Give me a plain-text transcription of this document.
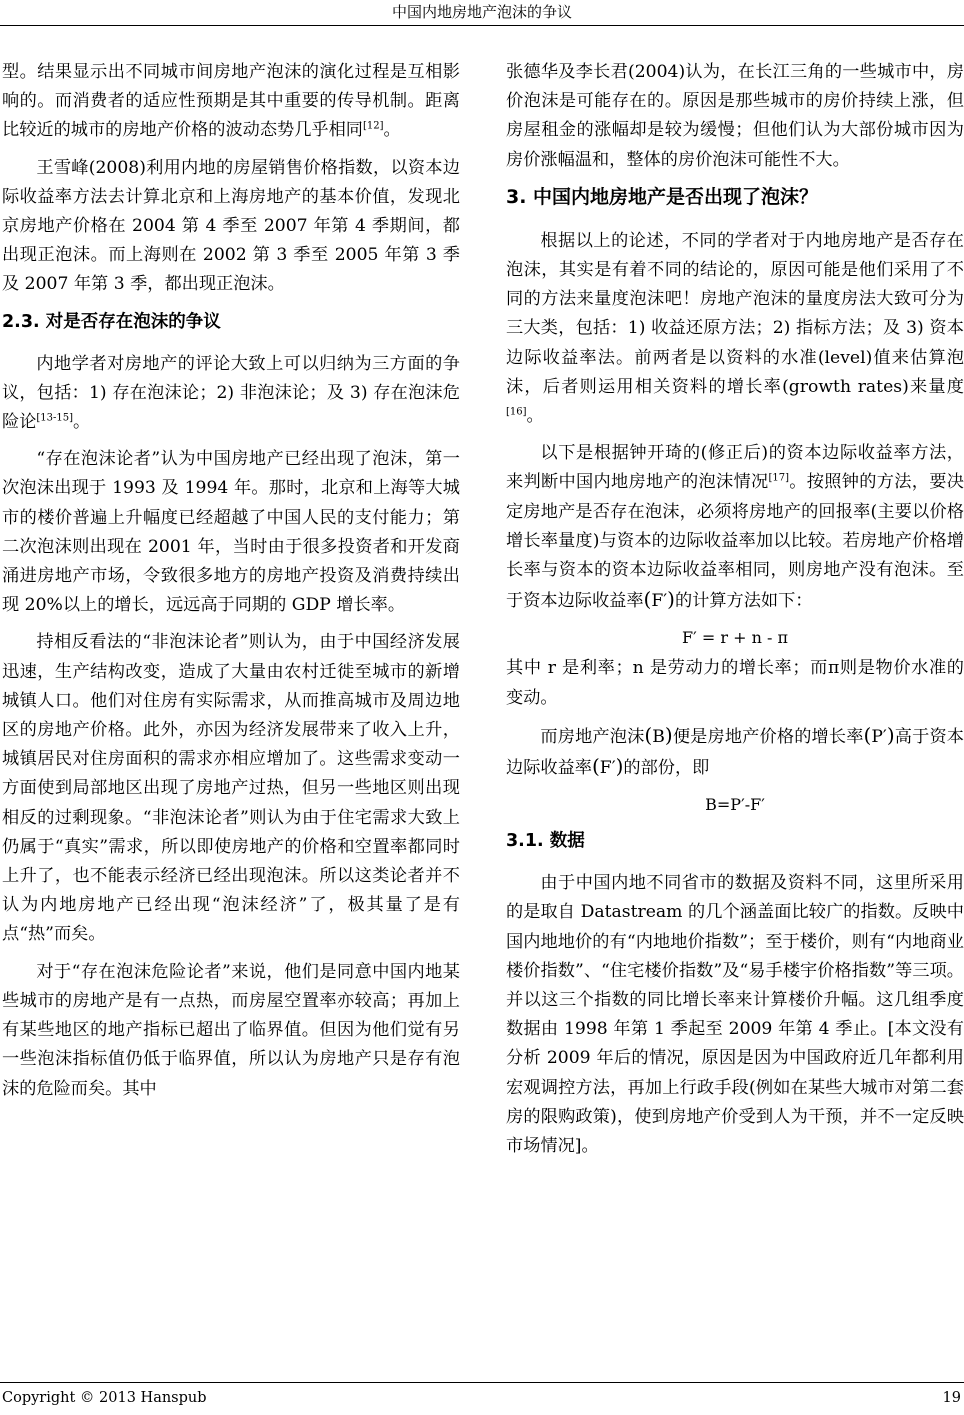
中国内地房地产泡沫的争议

型。结果显示出不同城市间房地产泡沫的演化过程是互相影响的。而消费者的适应性预期是其中重要的传导机制。距离比较近的城市的房地产价格的波动态势几乎相同[12]。

王雪峰(2008)利用内地的房屋销售价格指数，以资本边际收益率方法去计算北京和上海房地产的基本价值，发现北京房地产价格在 2004 第 4 季至 2007 年第 4 季期间，都出现正泡沫。而上海则在 2002 第 3 季至 2005 年第 3 季及 2007 年第 3 季，都出现正泡沫。

2.3. 对是否存在泡沫的争议

内地学者对房地产的评论大致上可以归纳为三方面的争议，包括：1) 存在泡沫论；2) 非泡沫论；及 3) 存在泡沫危险论[13-15]。

“存在泡沫论者”认为中国房地产已经出现了泡沫，第一次泡沫出现于 1993 及 1994 年。那时，北京和上海等大城市的楼价普遍上升幅度已经超越了中国人民的支付能力；第二次泡沫则出现在 2001 年，当时由于很多投资者和开发商涌进房地产市场，令致很多地方的房地产投资及消费持续出现 20%以上的增长，远远高于同期的 GDP 增长率。

持相反看法的“非泡沫论者”则认为，由于中国经济发展迅速，生产结构改变，造成了大量由农村迁徙至城市的新增城镇人口。他们对住房有实际需求，从而推高城市及周边地区的房地产价格。此外，亦因为经济发展带来了收入上升，城镇居民对住房面积的需求亦相应增加了。这些需求变动一方面使到局部地区出现了房地产过热，但另一些地区则出现相反的过剩现象。“非泡沫论者”则认为由于住宅需求大致上仍属于“真实”需求，所以即使房地产的价格和空置率都同时上升了，也不能表示经济已经出现泡沫。所以这类论者并不认为内地房地产已经出现“泡沫经济”了，极其量了是有点“热”而矣。

对于“存在泡沫危险论者”来说，他们是同意中国内地某些城市的房地产是有一点热，而房屋空置率亦较高；再加上有某些地区的地产指标已超出了临界值。但因为他们觉有另一些泡沫指标值仍低于临界值，所以认为房地产只是存有泡沫的危险而矣。其中

张德华及李长君(2004)认为，在长江三角的一些城市中，房价泡沫是可能存在的。原因是那些城市的房价持续上涨，但房屋租金的涨幅却是较为缓慢；但他们认为大部份城市因为房价涨幅温和，整体的房价泡沫可能性不大。

3. 中国内地房地产是否出现了泡沫？

根据以上的论述，不同的学者对于内地房地产是否存在泡沫，其实是有着不同的结论的，原因可能是他们采用了不同的方法来量度泡沫吧！房地产泡沫的量度房法大致可分为三大类，包括：1) 收益还原方法；2) 指标方法；及 3) 资本边际收益率法。前两者是以资料的水准(level)值来估算泡沫，后者则运用相关资料的增长率(growth rates)来量度[16]。

以下是根据钟开琦的(修正后)的资本边际收益率方法，来判断中国内地房地产的泡沫情况[17]。按照钟的方法，要决定房地产是否存在泡沫，必须将房地产的回报率(主要以价格增长率量度)与资本的边际收益率加以比较。若房地产价格增长率与资本的资本边际收益率相同，则房地产没有泡沫。至于资本边际收益率(F′)的计算方法如下：

F′ = r + n - π

其中 r 是利率；n 是劳动力的增长率；而π则是物价水准的变动。

而房地产泡沫(B)便是房地产价格的增长率(P′)高于资本边际收益率(F′)的部份，即

B=P′-F′
3.1. 数据

由于中国内地不同省市的数据及资料不同，这里所采用的是取自 Datastream 的几个涵盖面比较广的指数。反映中国内地地价的有“内地地价指数”；至于楼价，则有“内地商业楼价指数”、“住宅楼价指数”及“易手楼宇价格指数”等三项。并以这三个指数的同比增长率来计算楼价升幅。这几组季度数据由 1998 年第 1 季起至 2009 年第 4 季止。[本文没有分析 2009 年后的情况，原因是因为中国政府近几年都利用宏观调控方法，再加上行政手段(例如在某些大城市对第二套房的限购政策)，使到房地产价受到人为干预，并不一定反映市场情况]。

Copyright © 2013 Hanspub	19
